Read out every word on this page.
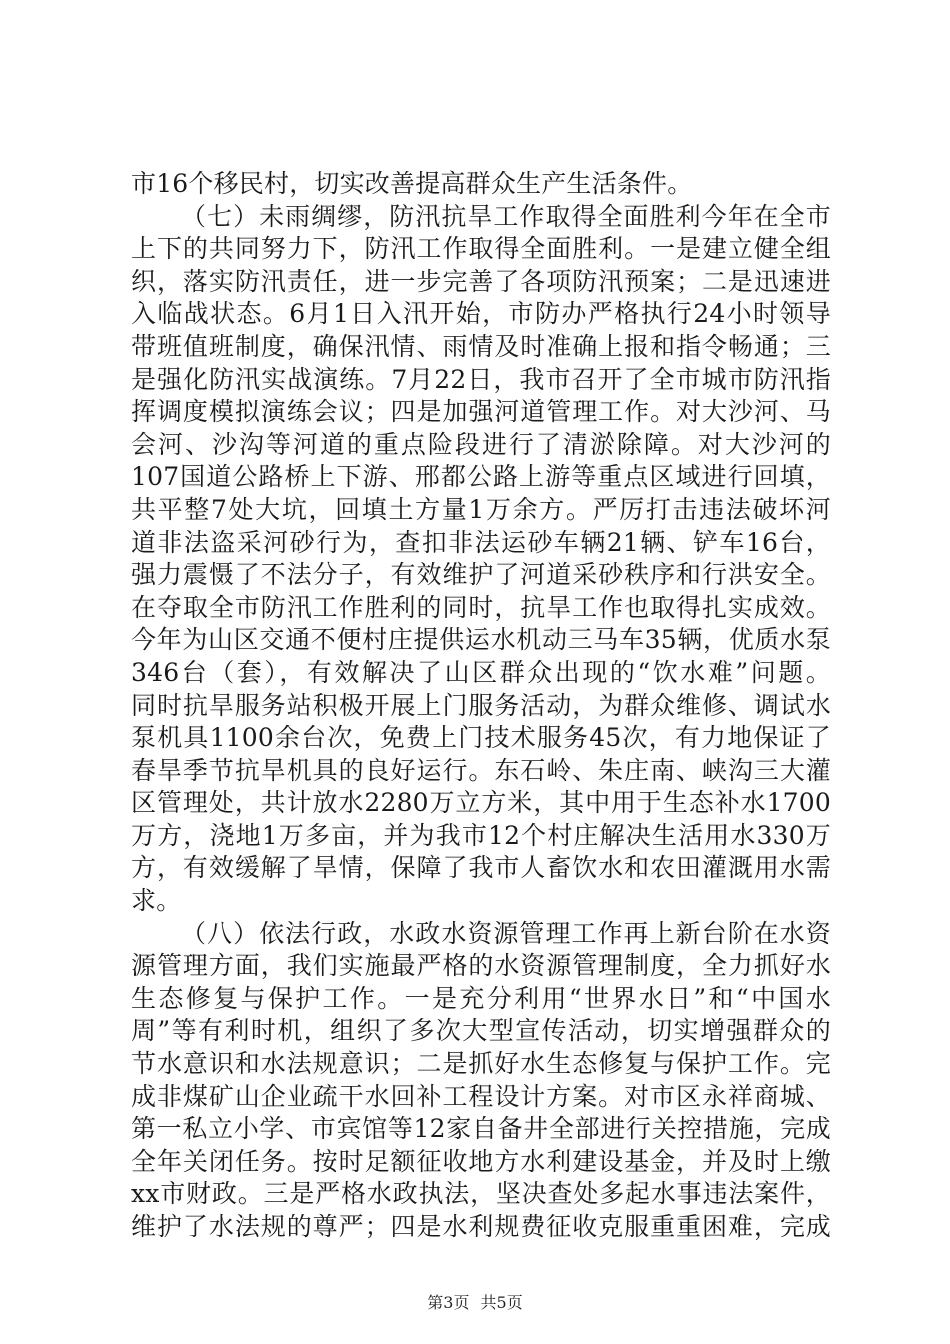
市16个移民村，切实改善提高群众生产生活条件。
（七）未雨绸缪，防汛抗旱工作取得全面胜利今年在全市
上下的共同努力下，防汛工作取得全面胜利。一是建立健全组
织，落实防汛责任，进一步完善了各项防汛预案；二是迅速进
入临战状态。6月1日入汛开始，市防办严格执行24小时领导
带班值班制度，确保汛情、雨情及时准确上报和指令畅通；三
是强化防汛实战演练。7月22日，我市召开了全市城市防汛指
挥调度模拟演练会议；四是加强河道管理工作。对大沙河、马
会河、沙沟等河道的重点险段进行了清淤除障。对大沙河的
107国道公路桥上下游、邢都公路上游等重点区域进行回填，
共平整7处大坑，回填土方量1万余方。严厉打击违法破坏河
道非法盗采河砂行为，查扣非法运砂车辆21辆、铲车16台，
强力震慑了不法分子，有效维护了河道采砂秩序和行洪安全。
在夺取全市防汛工作胜利的同时，抗旱工作也取得扎实成效。
今年为山区交通不便村庄提供运水机动三马车35辆，优质水泵
346台（套），有效解决了山区群众出现的“饮水难”问题。
同时抗旱服务站积极开展上门服务活动，为群众维修、调试水
泵机具1100余台次，免费上门技术服务45次，有力地保证了
春旱季节抗旱机具的良好运行。东石岭、朱庄南、峡沟三大灌
区管理处，共计放水2280万立方米，其中用于生态补水1700
万方，浇地1万多亩，并为我市12个村庄解决生活用水330万
方，有效缓解了旱情，保障了我市人畜饮水和农田灌溉用水需
求。
（八）依法行政，水政水资源管理工作再上新台阶在水资
源管理方面，我们实施最严格的水资源管理制度，全力抓好水
生态修复与保护工作。一是充分利用“世界水日”和“中国水
周”等有利时机，组织了多次大型宣传活动，切实增强群众的
节水意识和水法规意识；二是抓好水生态修复与保护工作。完
成非煤矿山企业疏干水回补工程设计方案。对市区永祥商城、
第一私立小学、市宾馆等12家自备井全部进行关控措施，完成
全年关闭任务。按时足额征收地方水利建设基金，并及时上缴
xx市财政。三是严格水政执法，坚决查处多起水事违法案件，
维护了水法规的尊严；四是水利规费征收克服重重困难，完成
第3页 共5页
